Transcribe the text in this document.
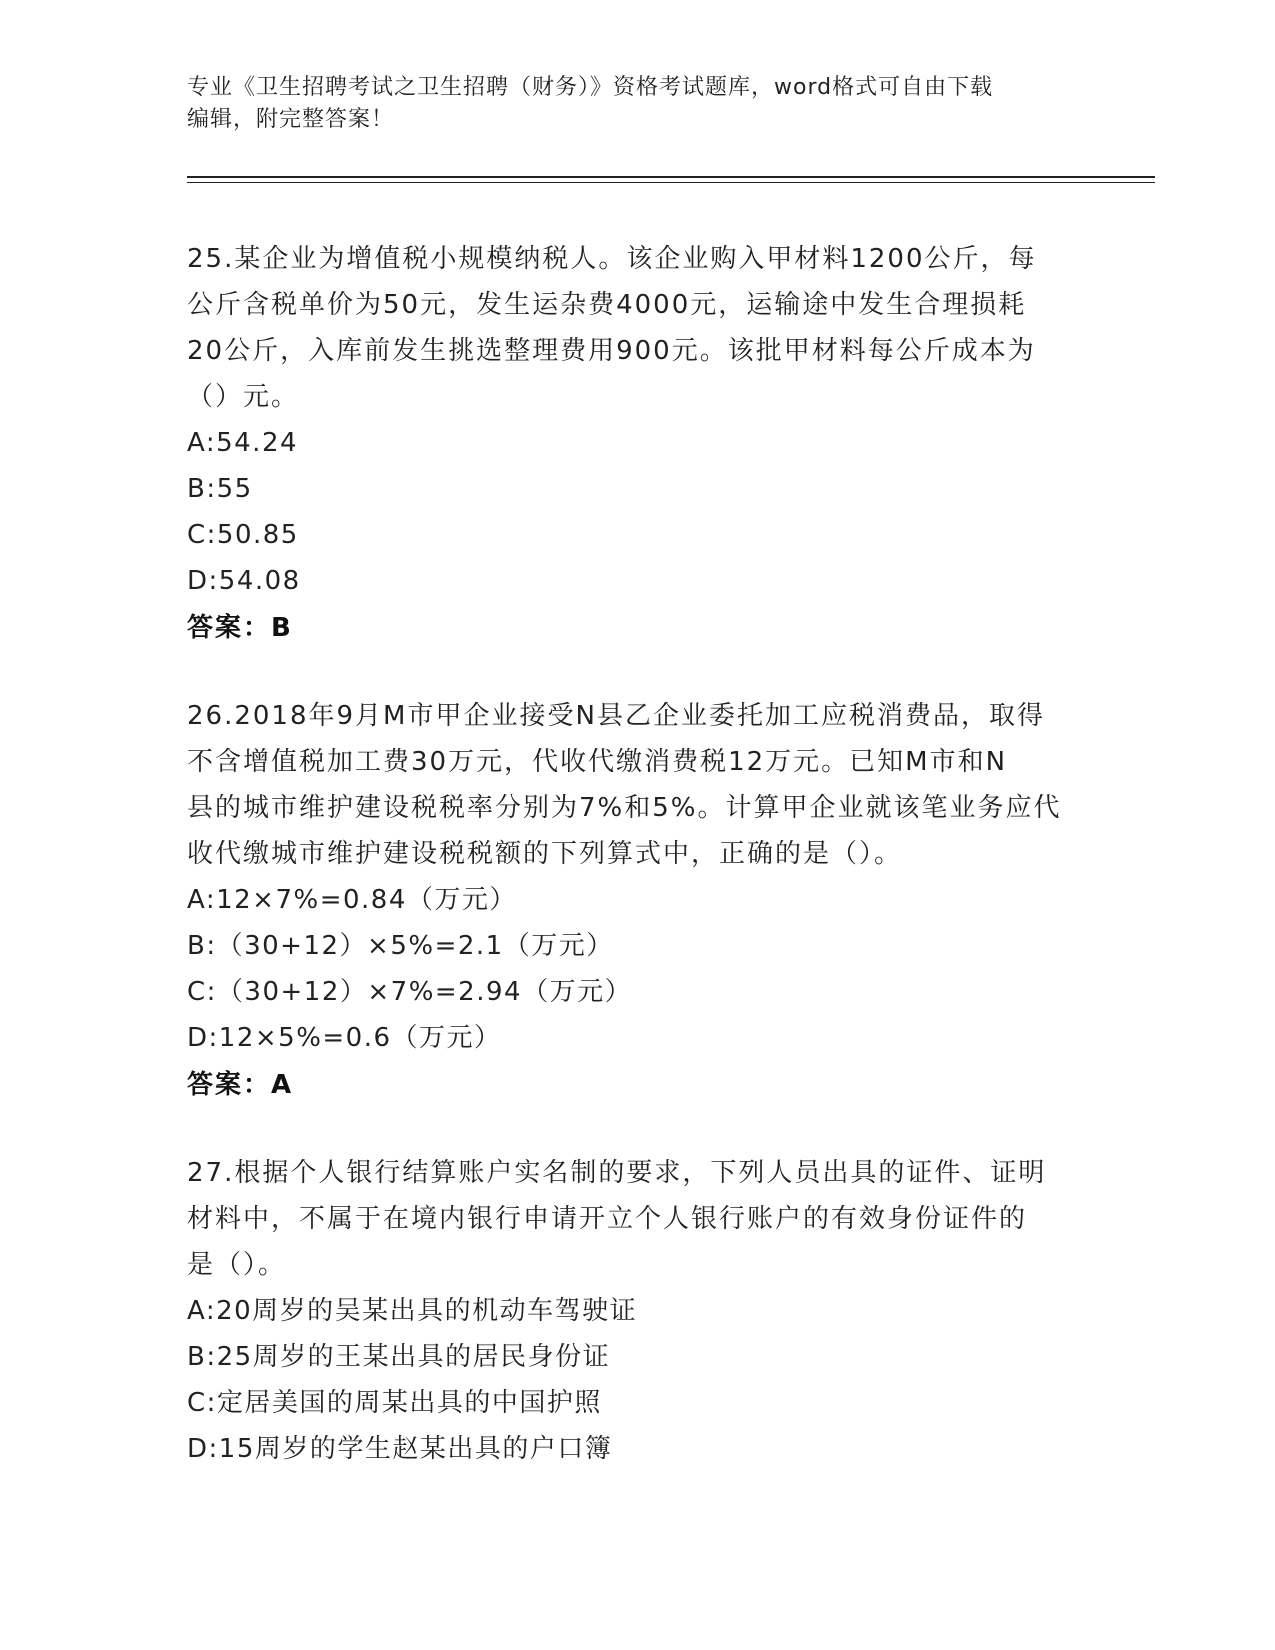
专业《卫生招聘考试之卫生招聘（财务）》资格考试题库，word格式可自由下载
编辑，附完整答案！
25.某企业为增值税小规模纳税人。该企业购入甲材料1200公斤，每
公斤含税单价为50元，发生运杂费4000元，运输途中发生合理损耗
20公斤，入库前发生挑选整理费用900元。该批甲材料每公斤成本为
（）元。
A:54.24
B:55
C:50.85
D:54.08
答案：B
26.2018年9月M市甲企业接受N县乙企业委托加工应税消费品，取得
不含增值税加工费30万元，代收代缴消费税12万元。已知M市和N
县的城市维护建设税税率分别为7%和5%。计算甲企业就该笔业务应代
收代缴城市维护建设税税额的下列算式中，正确的是（）。
A:12×7%=0.84（万元）
B:（30+12）×5%=2.1（万元）
C:（30+12）×7%=2.94（万元）
D:12×5%=0.6（万元）
答案：A
27.根据个人银行结算账户实名制的要求，下列人员出具的证件、证明
材料中，不属于在境内银行申请开立个人银行账户的有效身份证件的
是（）。
A:20周岁的吴某出具的机动车驾驶证
B:25周岁的王某出具的居民身份证
C:定居美国的周某出具的中国护照
D:15周岁的学生赵某出具的户口簿
